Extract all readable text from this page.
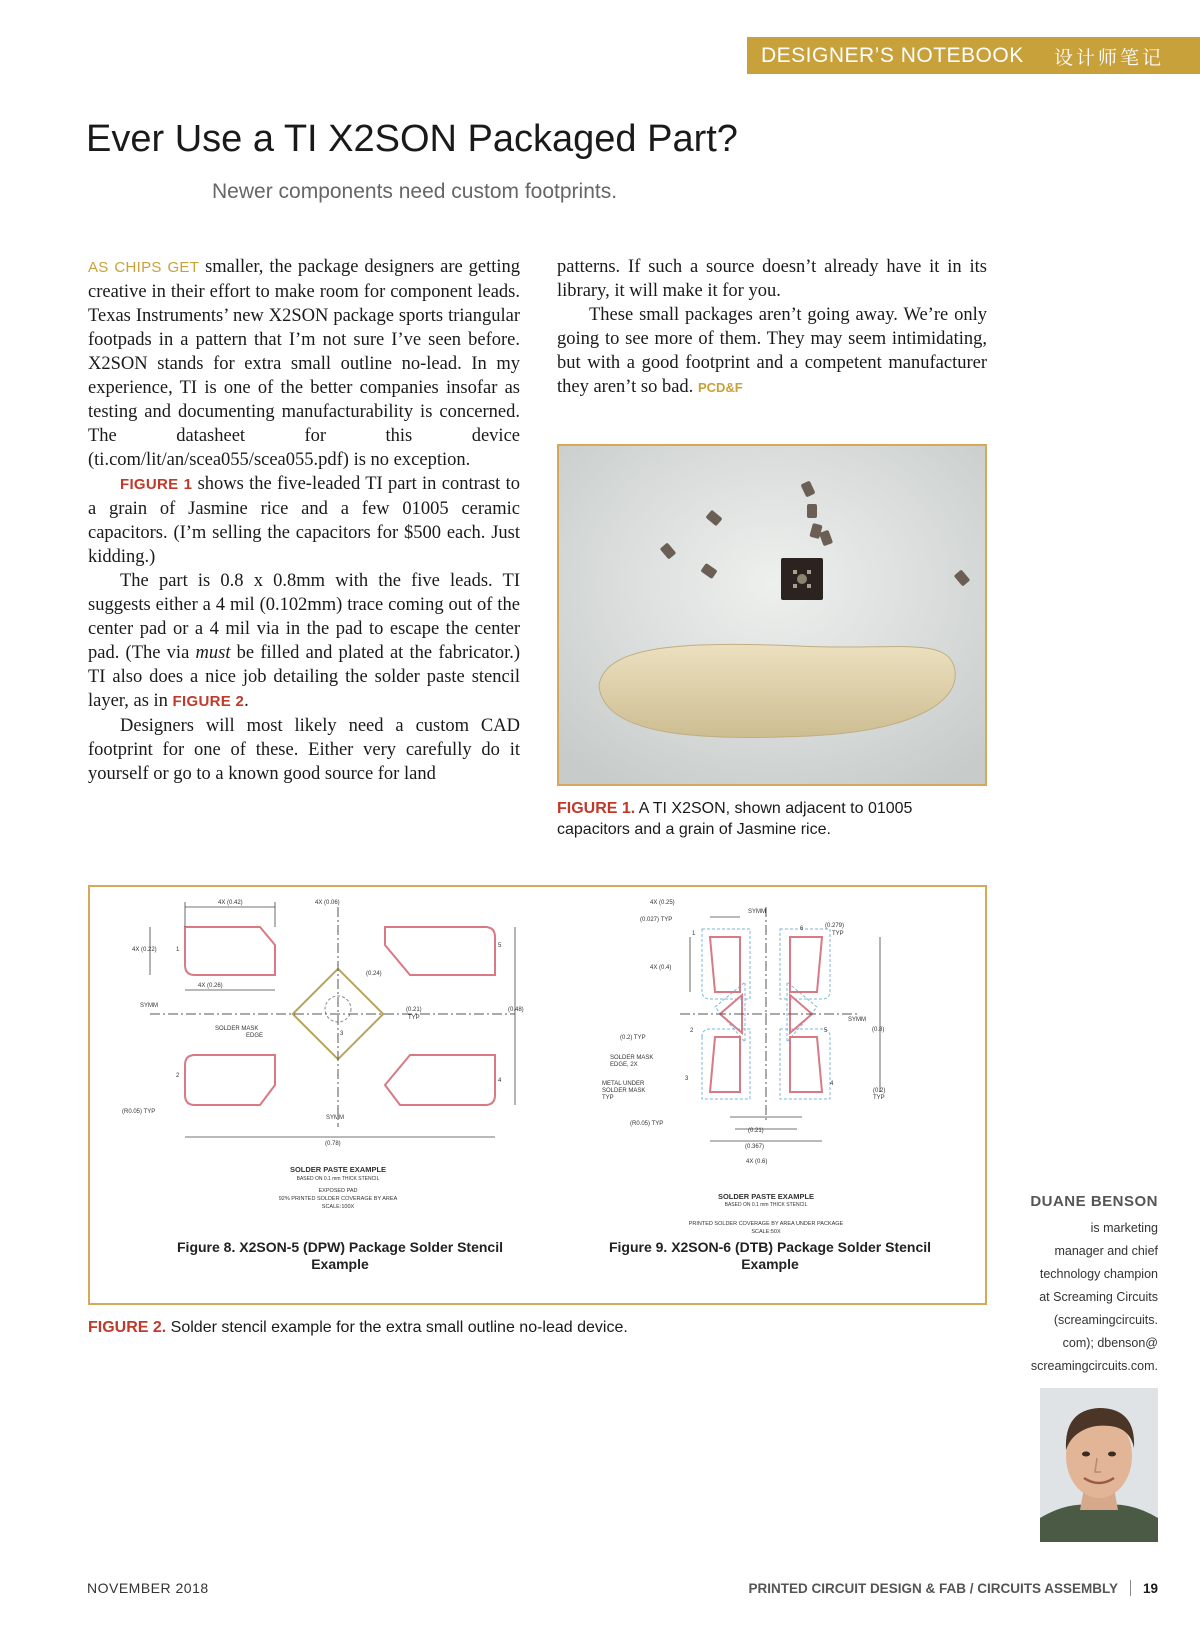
DESIGNER’S NOTEBOOK 设计师笔记
Ever Use a TI X2SON Packaged Part?
Newer components need custom footprints.

AS CHIPS GET smaller, the package designers are getting creative in their effort to make room for component leads. Texas Instruments’ new X2SON package sports triangular footpads in a pattern that I’m not sure I’ve seen before. X2SON stands for extra small outline no-lead. In my experience, TI is one of the better companies insofar as testing and documenting manufacturability is concerned. The datasheet for this device (ti.com/lit/an/scea055/scea055.pdf) is no exception.

FIGURE 1 shows the five-leaded TI part in contrast to a grain of Jasmine rice and a few 01005 ceramic capacitors. (I’m selling the capacitors for $500 each. Just kidding.)

The part is 0.8 x 0.8mm with the five leads. TI suggests either a 4 mil (0.102mm) trace coming out of the center pad or a 4 mil via in the pad to escape the center pad. (The via must be filled and plated at the fabricator.) TI also does a nice job detailing the solder paste stencil layer, as in FIGURE 2.

Designers will most likely need a custom CAD footprint for one of these. Either very carefully do it yourself or go to a known good source for land

patterns. If such a source doesn’t already have it in its library, it will make it for you.

These small packages aren’t going away. We’re only going to see more of them. They may seem intimidating, but with a good footprint and a competent manufacturer they aren’t so bad. PCD&F

FIGURE 1. A TI X2SON, shown adjacent to 01005 capacitors and a grain of Jasmine rice.
4X (0.42)	4X (0.06)
4X (0.22)
4X (0.26)
(0.24)
(0.21)
TYP
(0.48)
(0.78)
(R0.05) TYP
1
2
3
4
5
SYMM
SYMM
SOLDER MASK
EDGE
SOLDER PASTE EXAMPLE
BASED ON 0.1 mm THICK STENCIL
EXPOSED PAD
92% PRINTED SOLDER COVERAGE BY AREA
SCALE:100X
Figure 8. X2SON-5 (DPW) Package Solder Stencil
Example
4X (0.25)
(0.027) TYP
(0.279)
TYP
4X (0.4)
(0.2) TYP
(0.8)
(0.2)
TYP
(R0.05) TYP
(0.21)
(0.367)
4X (0.6)
1
2
3
4
5
6
SYMM
SYMM
SOLDER MASK
EDGE, 2X
METAL UNDER
SOLDER MASK
TYP
SOLDER PASTE EXAMPLE
BASED ON 0.1 mm THICK STENCIL
PRINTED SOLDER COVERAGE BY AREA UNDER PACKAGE
SCALE:50X
Figure 9. X2SON-6 (DTB) Package Solder Stencil
Example
FIGURE 2. Solder stencil example for the extra small outline no-lead device.
DUANE BENSON
is marketing
manager and chief
technology champion
at Screaming Circuits
(screamingcircuits.
com); dbenson@
screamingcircuits.com.
NOVEMBER 2018	PRINTED CIRCUIT DESIGN & FAB / CIRCUITS ASSEMBLY 19
